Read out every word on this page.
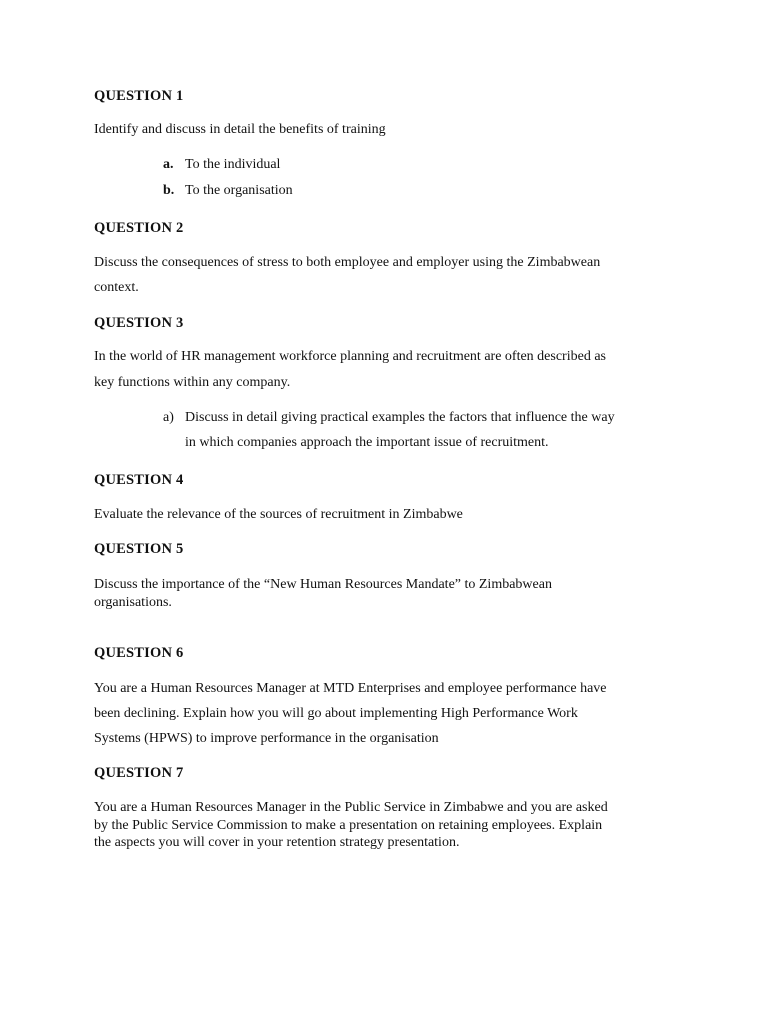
QUESTION 1
Identify and discuss in detail the benefits of training
a. To the individual
b. To the organisation
QUESTION 2
Discuss the consequences of stress to both employee and employer using the Zimbabwean
context.
QUESTION 3
In the world of HR management workforce planning and recruitment are often described as
key functions within any company.
a) Discuss in detail giving practical examples the factors that influence the way
in which companies approach the important issue of recruitment.
QUESTION 4
Evaluate the relevance of the sources of recruitment in Zimbabwe
QUESTION 5
Discuss the importance of the “New Human Resources Mandate” to Zimbabwean
organisations.
QUESTION 6
You are a Human Resources Manager at MTD Enterprises and employee performance have
been declining. Explain how you will go about implementing High Performance Work
Systems (HPWS) to improve performance in the organisation
QUESTION 7
You are a Human Resources Manager in the Public Service in Zimbabwe and you are asked
by the Public Service Commission to make a presentation on retaining employees. Explain
the aspects you will cover in your retention strategy presentation.
